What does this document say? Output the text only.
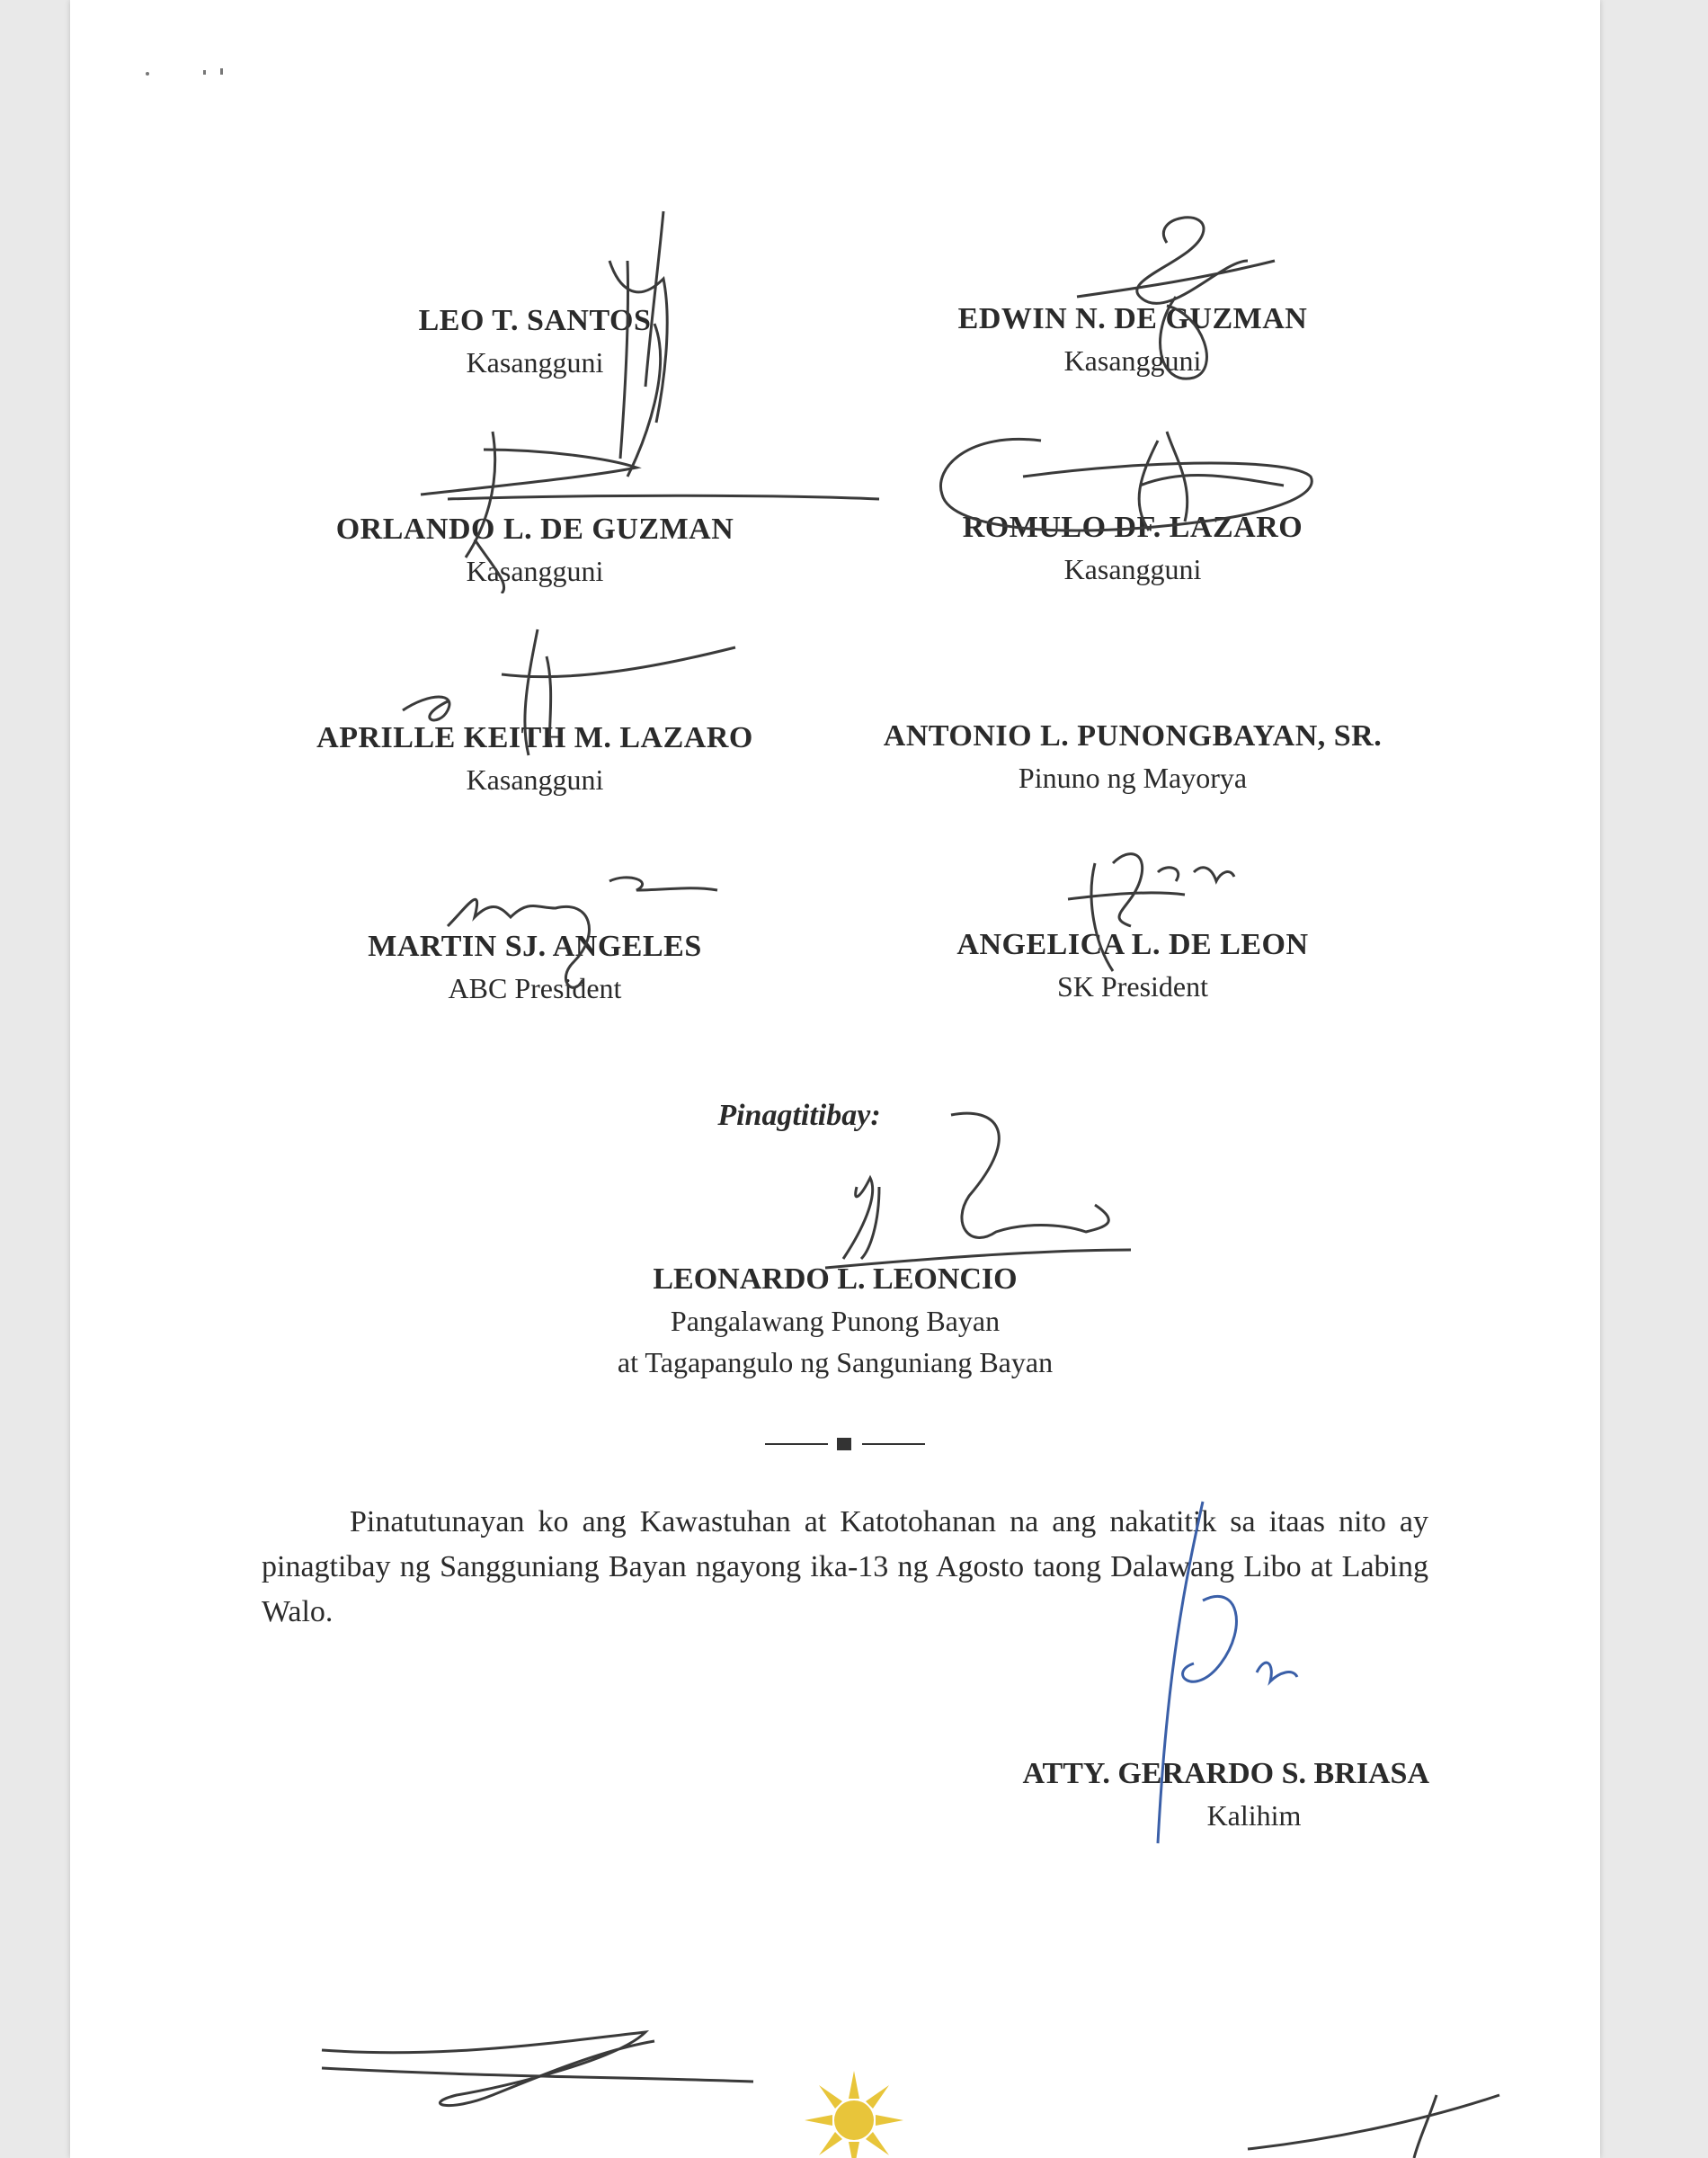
LEO T. SANTOS
Kasangguni
EDWIN N. DE GUZMAN
Kasangguni
ORLANDO L. DE GUZMAN
Kasangguni
ROMULO DF. LAZARO
Kasangguni
APRILLE KEITH M. LAZARO
Kasangguni
ANTONIO L. PUNONGBAYAN, SR.
Pinuno ng Mayorya
MARTIN SJ. ANGELES
ABC President
ANGELICA L. DE LEON
SK President
Pinagtitibay:
LEONARDO L. LEONCIO
Pangalawang Punong Bayan
at Tagapangulo ng Sanguniang Bayan
Pinatutunayan ko ang Kawastuhan at Katotohanan na ang nakatitik sa itaas nito ay pinagtibay ng Sangguniang Bayan ngayong ika-13 ng Agosto taong Dalawang Libo at Labing Walo.
ATTY. GERARDO S. BRIASA
Kalihim
